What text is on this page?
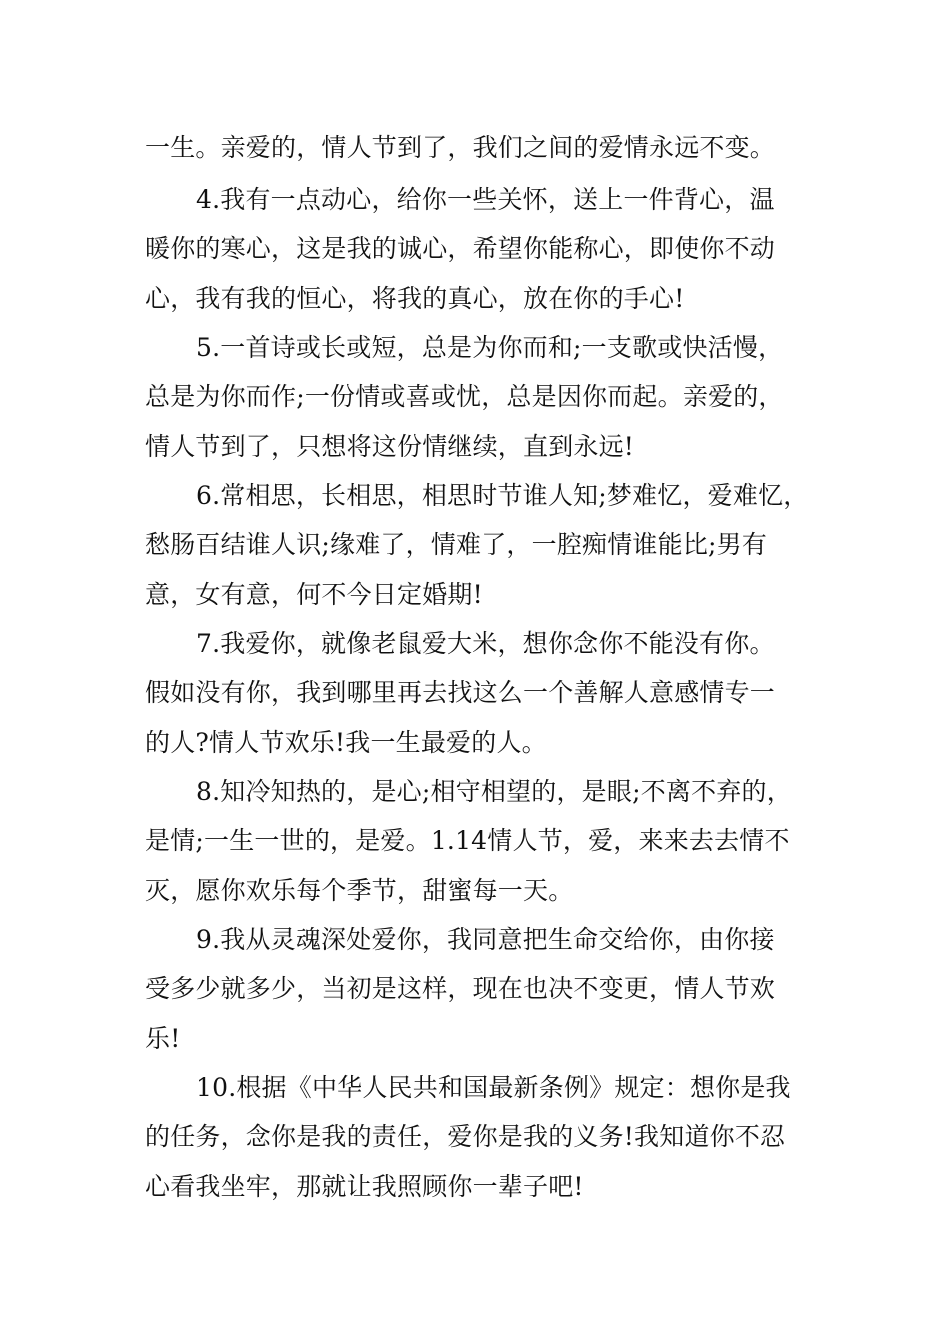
一生。亲爱的，情人节到了，我们之间的爱情永远不变。
4.我有一点动心，给你一些关怀，送上一件背心，温
暖你的寒心，这是我的诚心，希望你能称心，即使你不动
心，我有我的恒心，将我的真心，放在你的手心!
5.一首诗或长或短，总是为你而和;一支歌或快活慢，
总是为你而作;一份情或喜或忧，总是因你而起。亲爱的，
情人节到了，只想将这份情继续，直到永远!
6.常相思，长相思，相思时节谁人知;梦难忆，爱难忆，
愁肠百结谁人识;缘难了，情难了，一腔痴情谁能比;男有
意，女有意，何不今日定婚期!
7.我爱你，就像老鼠爱大米，想你念你不能没有你。
假如没有你，我到哪里再去找这么一个善解人意感情专一
的人?情人节欢乐!我一生最爱的人。
8.知冷知热的，是心;相守相望的，是眼;不离不弃的，
是情;一生一世的，是爱。1.14情人节，爱，来来去去情不
灭，愿你欢乐每个季节，甜蜜每一天。
9.我从灵魂深处爱你，我同意把生命交给你，由你接
受多少就多少，当初是这样，现在也决不变更，情人节欢
乐!
10.根据《中华人民共和国最新条例》规定：想你是我
的任务，念你是我的责任，爱你是我的义务!我知道你不忍
心看我坐牢，那就让我照顾你一辈子吧!
